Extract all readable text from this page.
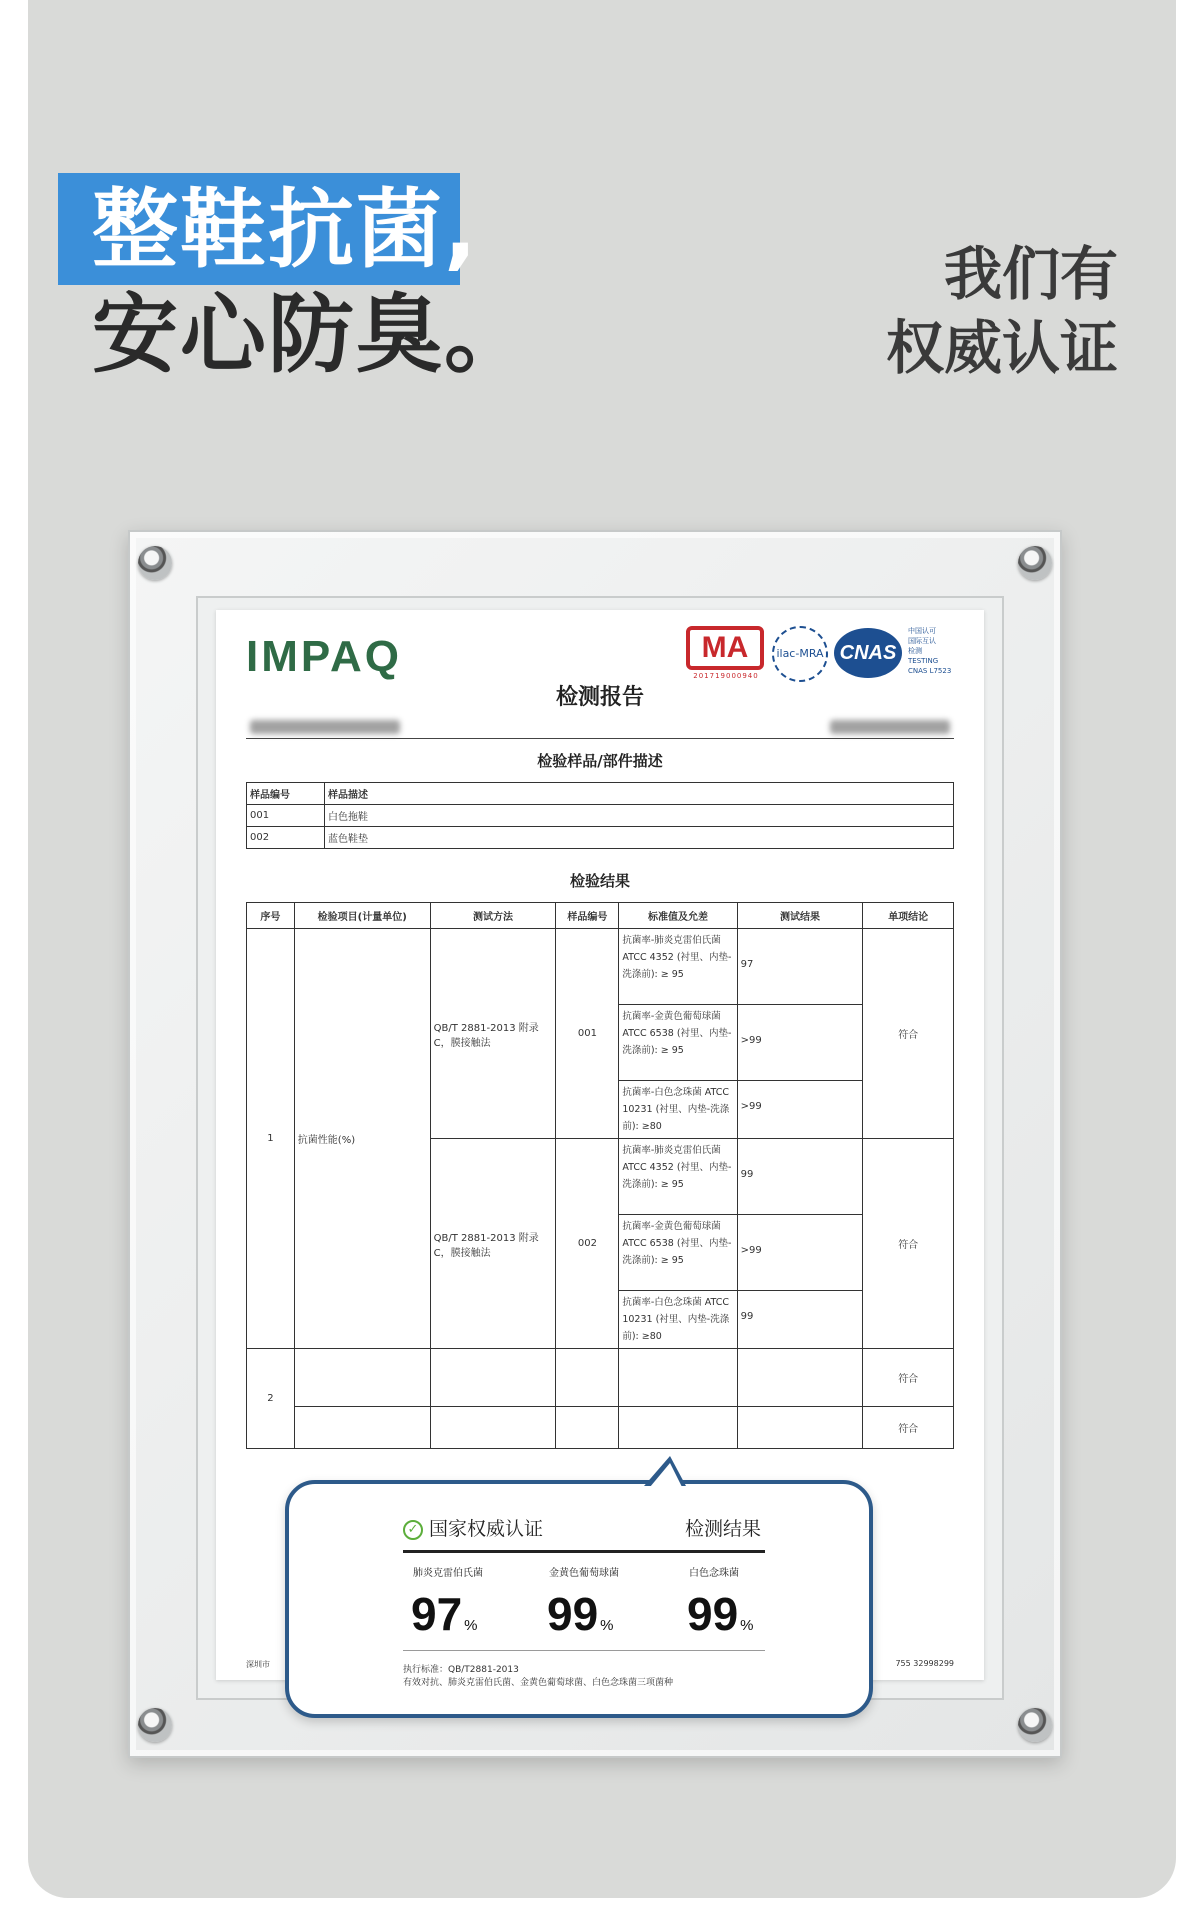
整鞋抗菌,
安心防臭。
我们有
权威认证
IMPAQ	MA
201719000940
ilac-MRA CNAS
中国认可
国际互认
检测
TESTING
CNAS L7523
检测报告
检验样品/部件描述
样品编号	样品描述
001	白色拖鞋
002	蓝色鞋垫
检验结果
序号	检验项目(计量单位)	测试方法	样品编号	标准值及允差	测试结果	单项结论
1	抗菌性能(%)	QB/T 2881-2013 附录 C，膜接触法	001	抗菌率-肺炎克雷伯氏菌 ATCC 4352 (衬里、内垫-洗涤前): ≥ 95	97	符合
				抗菌率-金黄色葡萄球菌 ATCC 6538 (衬里、内垫-洗涤前): ≥ 95	>99	
				抗菌率-白色念珠菌 ATCC 10231 (衬里、内垫-洗涤前): ≥80	>99	
		QB/T 2881-2013 附录 C，膜接触法	002	抗菌率-肺炎克雷伯氏菌 ATCC 4352 (衬里、内垫-洗涤前): ≥ 95	99	符合
				抗菌率-金黄色葡萄球菌 ATCC 6538 (衬里、内垫-洗涤前): ≥ 95	>99	
				抗菌率-白色念珠菌 ATCC 10231 (衬里、内垫-洗涤前): ≥80	99	
2						符合
						符合
深圳市	755 32998299
✓ 国家权威认证	检测结果
肺炎克雷伯氏菌
97 %
金黄色葡萄球菌
99 %
白色念珠菌
99 %
执行标准：QB/T2881-2013
有效对抗、肺炎克雷伯氏菌、金黄色葡萄球菌、白色念珠菌三项菌种
